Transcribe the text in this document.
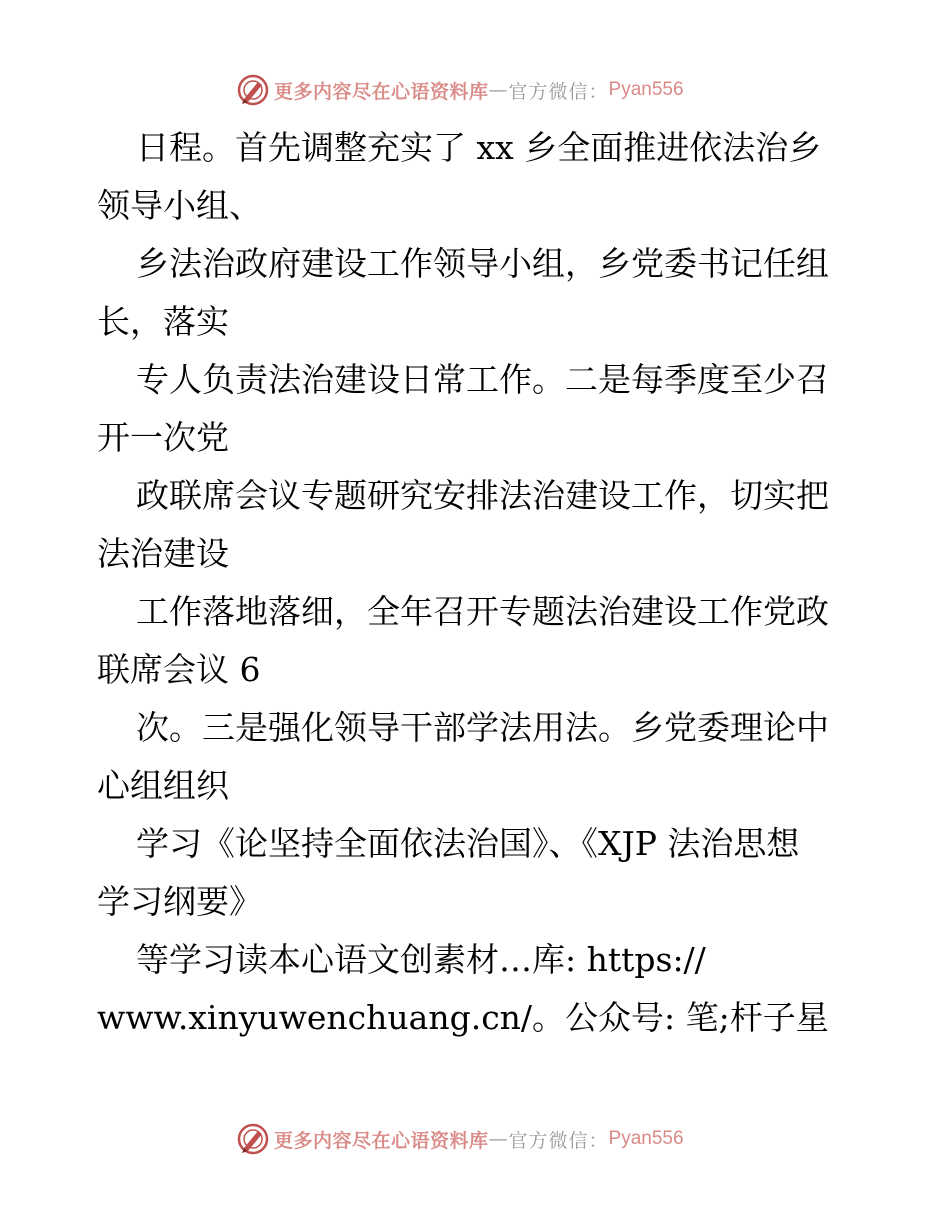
更多内容尽在心语资料库 — 官方微信： Pyan556
日程。首先调整充实了 xx 乡全面推进依法治乡
领导小组、
乡法治政府建设工作领导小组，乡党委书记任组
长，落实
专人负责法治建设日常工作。二是每季度至少召
开一次党
政联席会议专题研究安排法治建设工作，切实把
法治建设
工作落地落细，全年召开专题法治建设工作党政
联席会议 6
次。三是强化领导干部学法用法。乡党委理论中
心组组织
学习《论坚持全面依法治国》、《XJP 法治思想
学习纲要》
等学习读本心语文创素材…库: https://
www.xinyuwenchuang.cn/。公众号: 笔;杆子星
更多内容尽在心语资料库 — 官方微信： Pyan556
